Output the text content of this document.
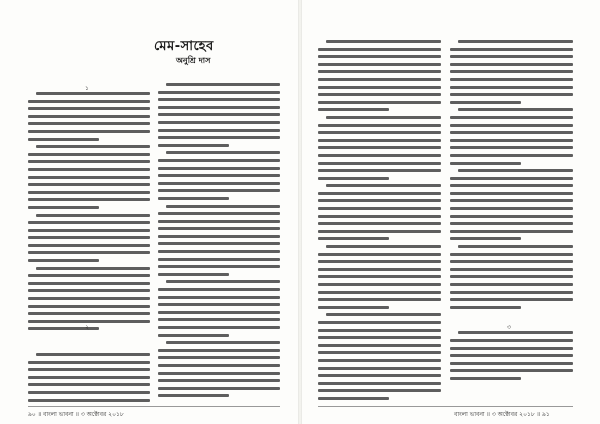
মেম-সাহেব
অনুশ্রি দাস
১
২
৯০ ॥ বাংলা ভাবনা ॥ ৩ অক্টোবর ২০১৮
৩
বাংলা ভাবনা ॥ ৩ অক্টোবর ২০১৮ ॥ ৯১
